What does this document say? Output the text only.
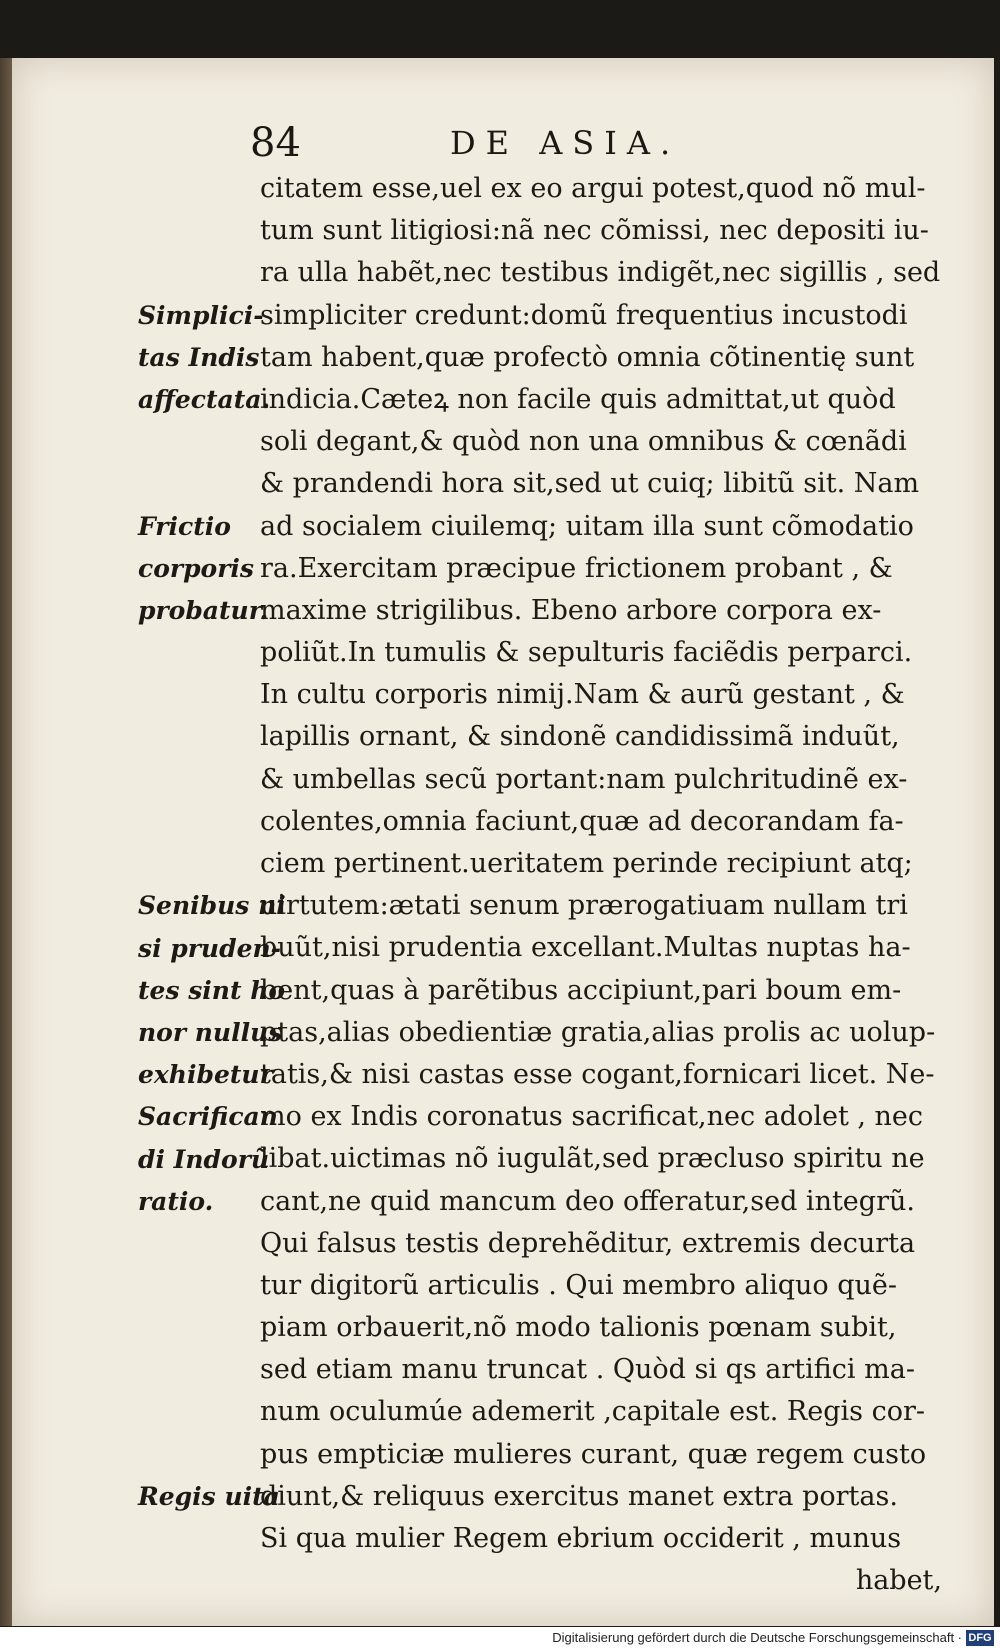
84	DE ASIA.
citatem esse,uel ex eo argui potest,quod nõ mul-
tum sunt litigiosi:nã nec cõmissi, nec depositi iu-
ra ulla habẽt,nec testibus indigẽt,nec sigillis , sed
simpliciter credunt:domũ frequentius incustodi
tam habent,quæ profectò omnia cõtinentię sunt
indicia.Cæteꝝ non facile quis admittat,ut quòd
soli degant,& quòd non una omnibus & cœnãdi
& prandendi hora sit,sed ut cuiq; libitũ sit. Nam
ad socialem ciuilemq; uitam illa sunt cõmodatio
ra.Exercitam præcipue frictionem probant , &
maxime strigilibus. Ebeno arbore corpora ex-
poliũt.In tumulis & sepulturis faciẽdis perparci.
In cultu corporis nimij.Nam & aurũ gestant , &
lapillis ornant, & sindonẽ candidissimã induũt,
& umbellas secũ portant:nam pulchritudinẽ ex-
colentes,omnia faciunt,quæ ad decorandam fa-
ciem pertinent.ueritatem perinde recipiunt atq;
uirtutem:ætati senum prærogatiuam nullam tri
buũt,nisi prudentia excellant.Multas nuptas ha-
bent,quas à parẽtibus accipiunt,pari boum em-
ptas,alias obedientiæ gratia,alias prolis ac uolup-
tatis,& nisi castas esse cogant,fornicari licet. Ne-
mo ex Indis coronatus sacrificat,nec adolet , nec
libat.uictimas nõ iugulãt,sed præcluso spiritu ne
cant,ne quid mancum deo offeratur,sed integrũ.
Qui falsus testis deprehẽditur, extremis decurta
tur digitorũ articulis . Qui membro aliquo quẽ-
piam orbauerit,nõ modo talionis pœnam subit,
sed etiam manu truncat . Quòd si qs artifici ma-
num oculumúe ademerit ,capitale est. Regis cor-
pus empticiæ mulieres curant, quæ regem custo
diunt,& reliquus exercitus manet extra portas.
Si qua mulier Regem ebrium occiderit , munus
habet,
Simplici-
tas Indis
affectata.
Frictio
corporis
probatur.
Senibus ni
si pruden-
tes sint ho
nor nullus
exhibetur
Sacrifican
di Indorũ
ratio.
Regis uita
Digitalisierung gefördert durch die Deutsche Forschungsgemeinschaft · DFG
